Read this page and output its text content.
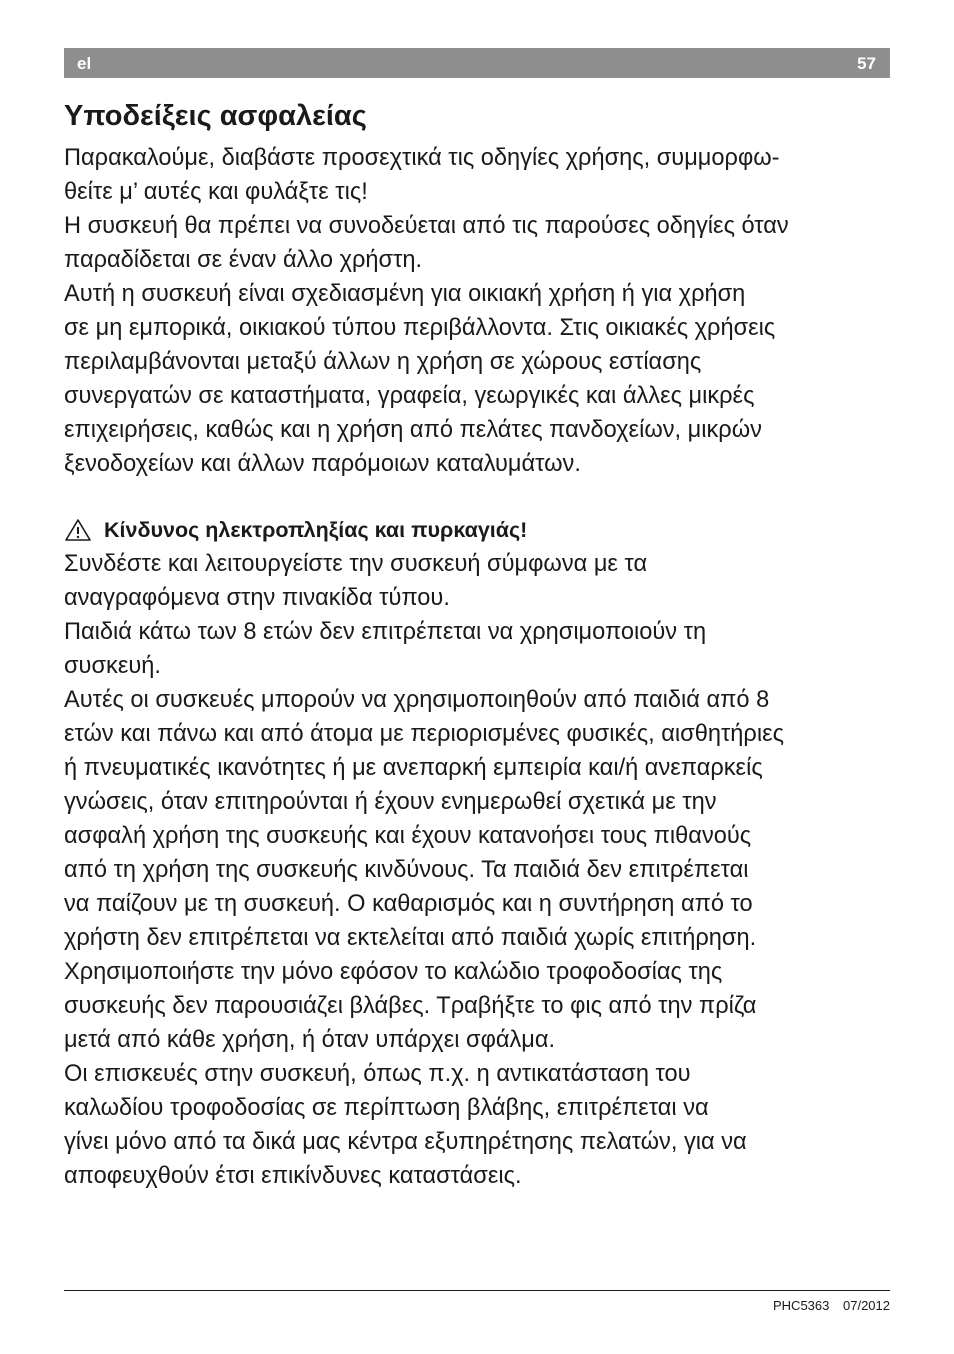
el	57
Υποδείξεις ασφαλείας

Παρακαλούμε, διαβάστε προσεχτικά τις οδηγίες χρήσης, συμμορφω-

θείτε μ’ αυτές και φυλάξτε τις!

Η συσκευή θα πρέπει να συνοδεύεται από τις παρούσες οδηγίες όταν

παραδίδεται σε έναν άλλο χρήστη.

Αυτή η συσκευή είναι σχεδιασμένη για οικιακή χρήση ή για χρήση

σε μη εμπορικά, οικιακού τύπου περιβάλλοντα. Στις οικιακές χρήσεις

περιλαμβάνονται μεταξύ άλλων η χρήση σε χώρους εστίασης

συνεργατών σε καταστήματα, γραφεία, γεωργικές και άλλες μικρές

επιχειρήσεις, καθώς και η χρήση από πελάτες πανδοχείων, μικρών

ξενοδοχείων και άλλων παρόμοιων καταλυμάτων.

Κίνδυνος ηλεκτροπληξίας και πυρκαγιάς!

Συνδέστε και λειτουργείστε την συσκευή σύμφωνα με τα

αναγραφόμενα στην πινακίδα τύπου.

Παιδιά κάτω των 8 ετών δεν επιτρέπεται να χρησιμοποιούν τη

συσκευή.

Αυτές οι συσκευές μπορούν να χρησιμοποιηθούν από παιδιά από 8

ετών και πάνω και από άτομα με περιορισμένες φυσικές, αισθητήριες

ή πνευματικές ικανότητες ή με ανεπαρκή εμπειρία και/ή ανεπαρκείς

γνώσεις, όταν επιτηρούνται ή έχουν ενημερωθεί σχετικά με την

ασφαλή χρήση της συσκευής και έχουν κατανοήσει τους πιθανούς

από τη χρήση της συσκευής κινδύνους. Τα παιδιά δεν επιτρέπεται

να παίζουν με τη συσκευή. Ο καθαρισμός και η συντήρηση από το

χρήστη δεν επιτρέπεται να εκτελείται από παιδιά χωρίς επιτήρηση.

Χρησιμοποιήστε την μόνο εφόσον το καλώδιο τροφοδοσίας της

συσκευής δεν παρουσιάζει βλάβες. Τραβήξτε το φις από την πρίζα

μετά από κάθε χρήση, ή όταν υπάρχει σφάλμα.

Οι επισκευές στην συσκευή, όπως π.χ. η αντικατάσταση του

καλωδίου τροφοδοσίας σε περίπτωση βλάβης, επιτρέπεται να

γίνει μόνο από τα δικά μας κέντρα εξυπηρέτησης πελατών, για να

αποφευχθούν έτσι επικίνδυνες καταστάσεις.

PHC5363 07/2012
